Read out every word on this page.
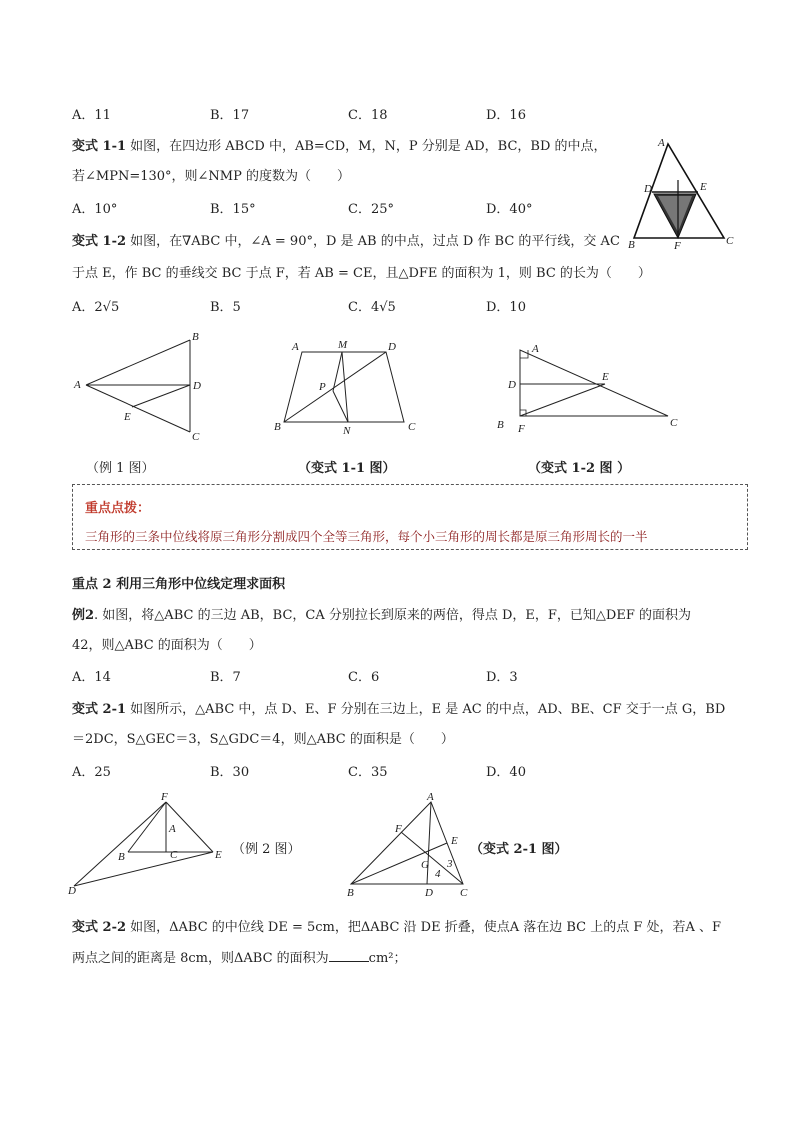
A．11	B．17	C．18	D．16
变式 1-1 如图，在四边形 ABCD 中，AB=CD，M，N，P 分别是 AD，BC，BD 的中点，
若∠MPN=130°，则∠NMP 的度数为（　　）
A．10°	B．15°	C．25°	D．40°
A
D	E
B	F	C
变式 1-2 如图，在∇ABC 中，∠A = 90°，D 是 AB 的中点，过点 D 作 BC 的平行线，交 AC
于点 E，作 BC 的垂线交 BC 于点 F，若 AB = CE，且△DFE 的面积为 1，则 BC 的长为（　　）
A．2√5	B．5	C．4√5	D．10
A
B
D
E
C
A	M	D
P
B	N	C
A
D
E
B F	C
（例 1 图）	（变式 1-1 图）	（变式 1-2 图 ）
重点点拨：
三角形的三条中位线将原三角形分割成四个全等三角形，每个小三角形的周长都是原三角形周长的一半
重点 2 利用三角形中位线定理求面积
例2. 如图，将△ABC 的三边 AB，BC，CA 分别拉长到原来的两倍，得点 D，E，F，已知△DEF 的面积为
42，则△ABC 的面积为（　　）
A．14	B．7	C．6	D．3
变式 2-1 如图所示，△ABC 中，点 D、E、F 分别在三边上，E 是 AC 的中点，AD、BE、CF 交于一点 G，BD
＝2DC，S△GEC＝3，S△GDC＝4，则△ABC 的面积是（　　）
A．25	B．30	C．35	D．40
F
A
B	C	E
D
（例 2 图）
A
F
E
G 3
4
B	D C
（变式 2-1 图）
变式 2-2 如图，ΔABC 的中位线 DE = 5cm，把ΔABC 沿 DE 折叠，使点A 落在边 BC 上的点 F 处，若A 、F
两点之间的距离是 8cm，则ΔABC 的面积为	cm²；
